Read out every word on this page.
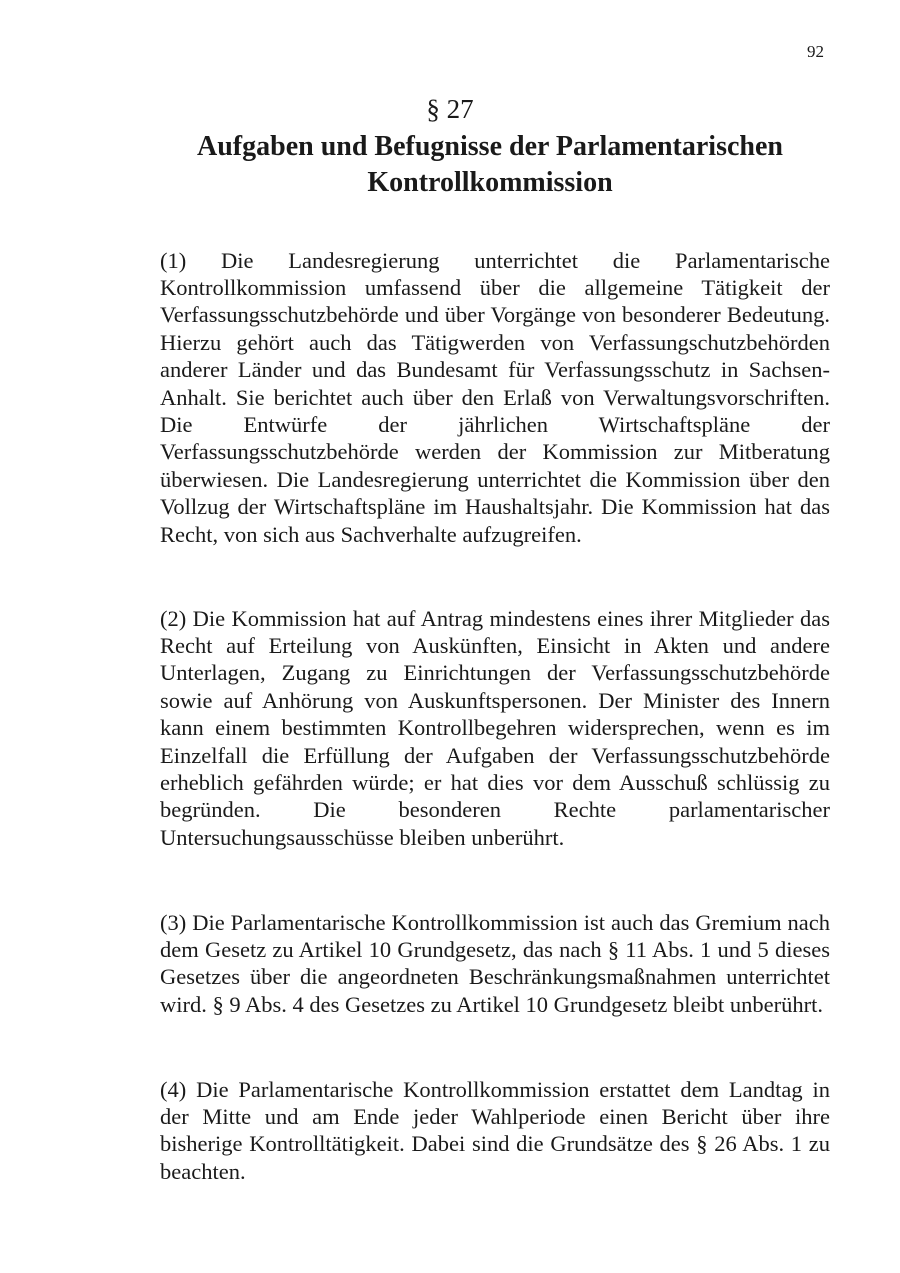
92
§ 27
Aufgaben und Befugnisse der Parlamentarischen
Kontrollkommission

(1) Die Landesregierung unterrichtet die Parlamentarische Kontrollkommission umfassend über die allgemeine Tätigkeit der Verfassungsschutzbehörde und über Vorgänge von besonderer Bedeutung. Hierzu gehört auch das Tätigwerden von Verfassungschutzbehörden anderer Länder und das Bundesamt für Verfassungsschutz in Sachsen-Anhalt. Sie berichtet auch über den Erlaß von Verwaltungsvorschriften. Die Entwürfe der jährlichen Wirtschaftspläne der Verfassungsschutzbehörde werden der Kommission zur Mitberatung überwiesen. Die Landesregierung unterrichtet die Kommission über den Vollzug der Wirtschaftspläne im Haushaltsjahr. Die Kommission hat das Recht, von sich aus Sachverhalte aufzugreifen.

(2) Die Kommission hat auf Antrag mindestens eines ihrer Mitglieder das Recht auf Erteilung von Auskünften, Einsicht in Akten und andere Unterlagen, Zugang zu Einrichtungen der Verfassungsschutzbehörde sowie auf Anhörung von Auskunftspersonen. Der Minister des Innern kann einem bestimmten Kontrollbegehren widersprechen, wenn es im Einzelfall die Erfüllung der Aufgaben der Verfassungsschutzbehörde erheblich gefährden würde; er hat dies vor dem Ausschuß schlüssig zu begründen. Die besonderen Rechte parlamentarischer Untersuchungsausschüsse bleiben unberührt.

(3) Die Parlamentarische Kontrollkommission ist auch das Gremium nach dem Gesetz zu Artikel 10 Grundgesetz, das nach § 11 Abs. 1 und 5 dieses Gesetzes über die angeordneten Beschränkungsmaßnahmen unterrichtet wird. § 9 Abs. 4 des Gesetzes zu Artikel 10 Grundgesetz bleibt unberührt.

(4) Die Parlamentarische Kontrollkommission erstattet dem Landtag in der Mitte und am Ende jeder Wahlperiode einen Bericht über ihre bisherige Kontrolltätigkeit. Dabei sind die Grundsätze des § 26 Abs. 1 zu beachten.
